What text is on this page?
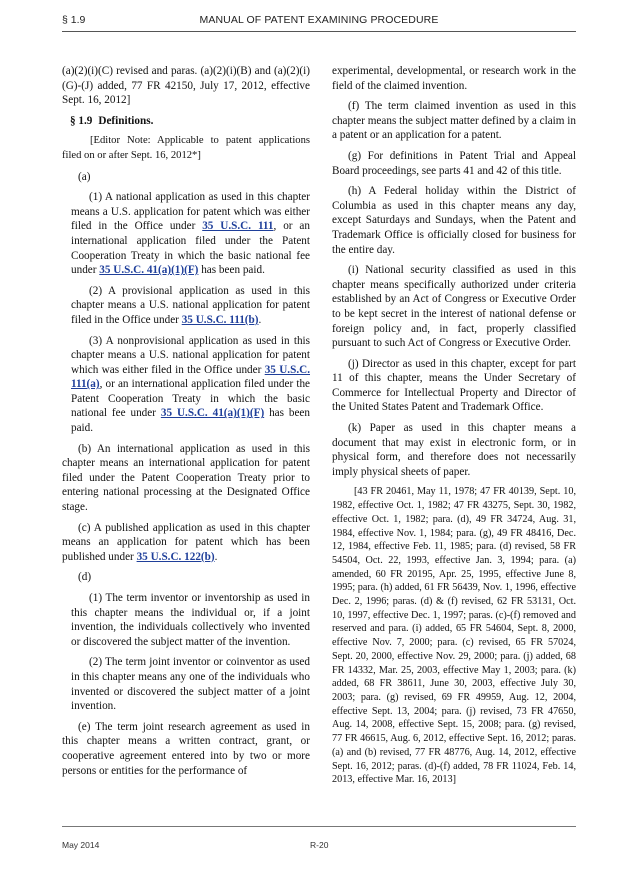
§ 1.9	MANUAL OF PATENT EXAMINING PROCEDURE

(a)(2)(i)(C) revised and paras. (a)(2)(i)(B) and (a)(2)(i)(G)-(J) added, 77 FR 42150, July 17, 2012, effective Sept. 16, 2012]

§ 1.9 Definitions.

[Editor Note: Applicable to patent applications filed on or after Sept. 16, 2012*]

(a)

(1) A national application as used in this chapter means a U.S. application for patent which was either filed in the Office under 35 U.S.C. 111, or an international application filed under the Patent Cooperation Treaty in which the basic national fee under 35 U.S.C. 41(a)(1)(F) has been paid.

(2) A provisional application as used in this chapter means a U.S. national application for patent filed in the Office under 35 U.S.C. 111(b).

(3) A nonprovisional application as used in this chapter means a U.S. national application for patent which was either filed in the Office under 35 U.S.C. 111(a), or an international application filed under the Patent Cooperation Treaty in which the basic national fee under 35 U.S.C. 41(a)(1)(F) has been paid.

(b) An international application as used in this chapter means an international application for patent filed under the Patent Cooperation Treaty prior to entering national processing at the Designated Office stage.

(c) A published application as used in this chapter means an application for patent which has been published under 35 U.S.C. 122(b).

(d)

(1) The term inventor or inventorship as used in this chapter means the individual or, if a joint invention, the individuals collectively who invented or discovered the subject matter of the invention.

(2) The term joint inventor or coinventor as used in this chapter means any one of the individuals who invented or discovered the subject matter of a joint invention.

(e) The term joint research agreement as used in this chapter means a written contract, grant, or cooperative agreement entered into by two or more persons or entities for the performance of

experimental, developmental, or research work in the field of the claimed invention.

(f) The term claimed invention as used in this chapter means the subject matter defined by a claim in a patent or an application for a patent.

(g) For definitions in Patent Trial and Appeal Board proceedings, see parts 41 and 42 of this title.

(h) A Federal holiday within the District of Columbia as used in this chapter means any day, except Saturdays and Sundays, when the Patent and Trademark Office is officially closed for business for the entire day.

(i) National security classified as used in this chapter means specifically authorized under criteria established by an Act of Congress or Executive Order to be kept secret in the interest of national defense or foreign policy and, in fact, properly classified pursuant to such Act of Congress or Executive Order.

(j) Director as used in this chapter, except for part 11 of this chapter, means the Under Secretary of Commerce for Intellectual Property and Director of the United States Patent and Trademark Office.

(k) Paper as used in this chapter means a document that may exist in electronic form, or in physical form, and therefore does not necessarily imply physical sheets of paper.

[43 FR 20461, May 11, 1978; 47 FR 40139, Sept. 10, 1982, effective Oct. 1, 1982; 47 FR 43275, Sept. 30, 1982, effective Oct. 1, 1982; para. (d), 49 FR 34724, Aug. 31, 1984, effective Nov. 1, 1984; para. (g), 49 FR 48416, Dec. 12, 1984, effective Feb. 11, 1985; para. (d) revised, 58 FR 54504, Oct. 22, 1993, effective Jan. 3, 1994; para. (a) amended, 60 FR 20195, Apr. 25, 1995, effective June 8, 1995; para. (h) added, 61 FR 56439, Nov. 1, 1996, effective Dec. 2, 1996; paras. (d) & (f) revised, 62 FR 53131, Oct. 10, 1997, effective Dec. 1, 1997; paras. (c)-(f) removed and reserved and para. (i) added, 65 FR 54604, Sept. 8, 2000, effective Nov. 7, 2000; para. (c) revised, 65 FR 57024, Sept. 20, 2000, effective Nov. 29, 2000; para. (j) added, 68 FR 14332, Mar. 25, 2003, effective May 1, 2003; para. (k) added, 68 FR 38611, June 30, 2003, effective July 30, 2003; para. (g) revised, 69 FR 49959, Aug. 12, 2004, effective Sept. 13, 2004; para. (j) revised, 73 FR 47650, Aug. 14, 2008, effective Sept. 15, 2008; para. (g) revised, 77 FR 46615, Aug. 6, 2012, effective Sept. 16, 2012; paras. (a) and (b) revised, 77 FR 48776, Aug. 14, 2012, effective Sept. 16, 2012; paras. (d)-(f) added, 78 FR 11024, Feb. 14, 2013, effective Mar. 16, 2013]

May 2014	R-20
